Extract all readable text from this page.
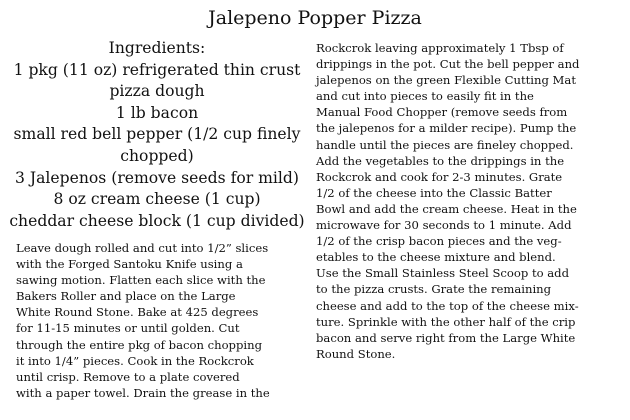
Jalepeno Popper Pizza
Ingredients:
1 pkg (11 oz) refrigerated thin crust
pizza dough
1 lb bacon
small red bell pepper (1/2 cup finely
chopped)
3 Jalepenos (remove seeds for mild)
8 oz cream cheese (1 cup)
cheddar cheese block (1 cup divided)
Leave dough rolled and cut into 1/2” slices
with the Forged Santoku Knife using a
sawing motion. Flatten each slice with the
Bakers Roller and place on the Large
White Round Stone. Bake at 425 degrees
for 11-15 minutes or until golden. Cut
through the entire pkg of bacon chopping
it into 1/4” pieces. Cook in the Rockcrok
until crisp. Remove to a plate covered
with a paper towel. Drain the grease in the
Rockcrok leaving approximately 1 Tbsp of
drippings in the pot. Cut the bell pepper and
jalepenos on the green Flexible Cutting Mat
and cut into pieces to easily fit in the
Manual Food Chopper (remove seeds from
the jalepenos for a milder recipe). Pump the
handle until the pieces are fineley chopped.
Add the vegetables to the drippings in the
Rockcrok and cook for 2-3 minutes. Grate
1/2 of the cheese into the Classic Batter
Bowl and add the cream cheese. Heat in the
microwave for 30 seconds to 1 minute. Add
1/2 of the crisp bacon pieces and the veg-
etables to the cheese mixture and blend.
Use the Small Stainless Steel Scoop to add
to the pizza crusts. Grate the remaining
cheese and add to the top of the cheese mix-
ture. Sprinkle with the other half of the crip
bacon and serve right from the Large White
Round Stone.
